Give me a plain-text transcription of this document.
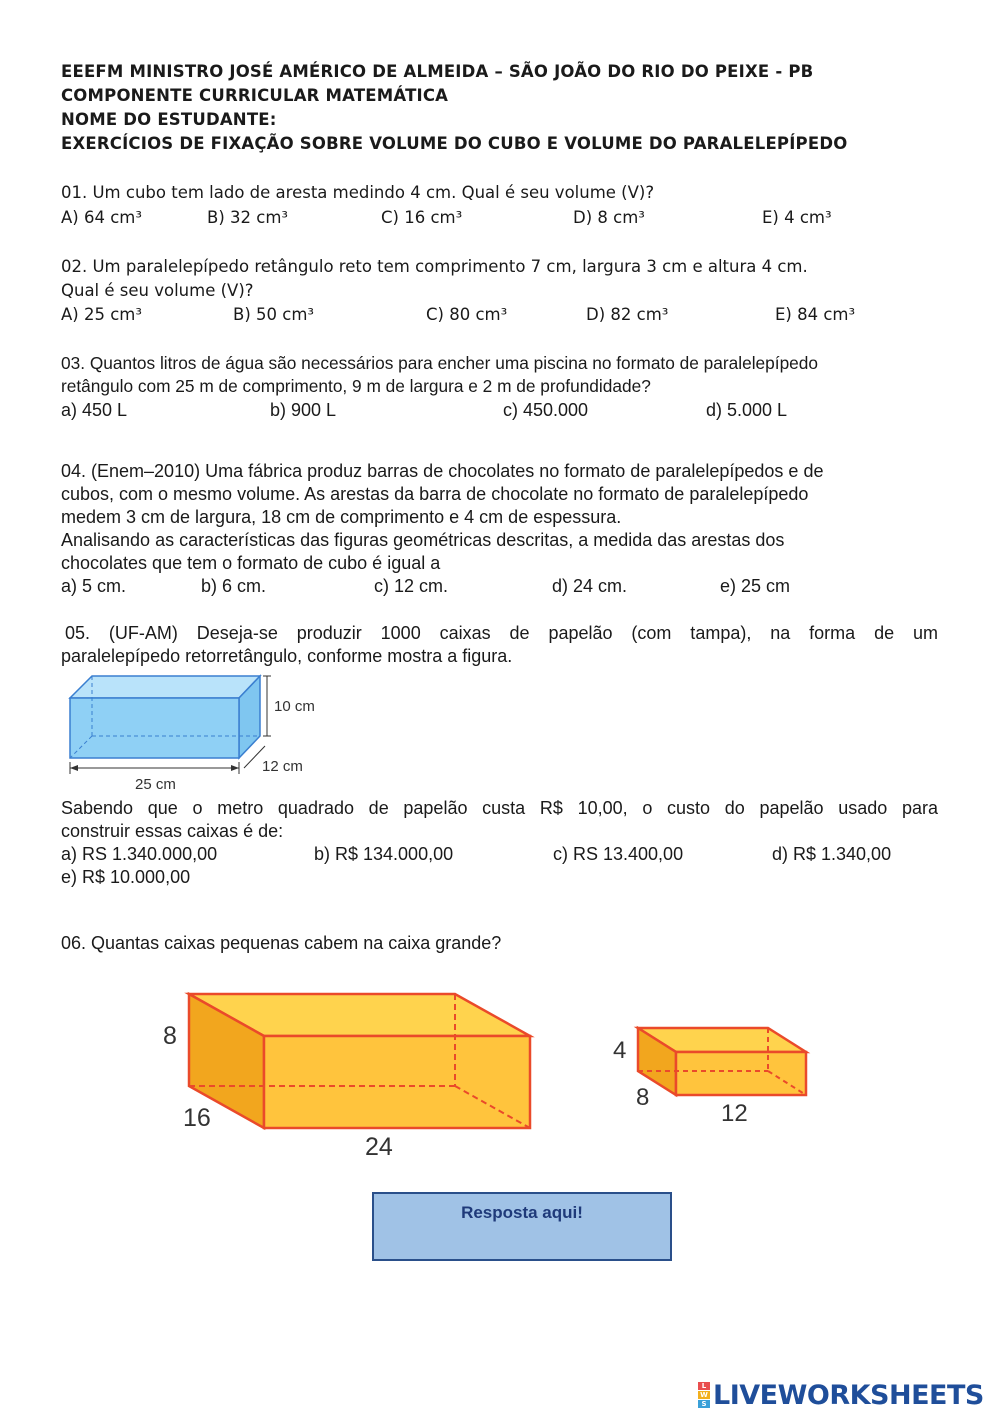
EEEFM MINISTRO JOSÉ AMÉRICO DE ALMEIDA – SÃO JOÃO DO RIO DO PEIXE - PB
COMPONENTE CURRICULAR MATEMÁTICA
NOME DO ESTUDANTE:
EXERCÍCIOS DE FIXAÇÃO SOBRE VOLUME DO CUBO E VOLUME DO PARALELEPÍPEDO
01. Um cubo tem lado de aresta medindo 4 cm. Qual é seu volume (V)?
A) 64 cm³	B) 32 cm³	C) 16 cm³	D) 8 cm³	E) 4 cm³
02. Um paralelepípedo retângulo reto tem comprimento 7 cm, largura 3 cm e altura 4 cm.
Qual é seu volume (V)?
A) 25 cm³	B) 50 cm³	C) 80 cm³	D) 82 cm³	E) 84 cm³
03. Quantos litros de água são necessários para encher uma piscina no formato de paralelepípedo
retângulo com 25 m de comprimento, 9 m de largura e 2 m de profundidade?
a) 450 L	b) 900 L	c) 450.000	d) 5.000 L
04. (Enem–2010) Uma fábrica produz barras de chocolates no formato de paralelepípedos e de
cubos, com o mesmo volume. As arestas da barra de chocolate no formato de paralelepípedo
medem 3 cm de largura, 18 cm de comprimento e 4 cm de espessura.
Analisando as características das figuras geométricas descritas, a medida das arestas dos
chocolates que tem o formato de cubo é igual a
a) 5 cm.	b) 6 cm.	c) 12 cm.	d) 24 cm.	e) 25 cm
05. (UF-AM) Deseja-se produzir 1000 caixas de papelão (com tampa), na forma de um
paralelepípedo retorretângulo, conforme mostra a figura.
10 cm
12 cm
25 cm
Sabendo que o metro quadrado de papelão custa R$ 10,00, o custo do papelão usado para
construir essas caixas é de:
a) RS 1.340.000,00	b) R$ 134.000,00	c) RS 13.400,00	d) R$ 1.340,00
e) R$ 10.000,00
06. Quantas caixas pequenas cabem na caixa grande?
8
16
24
4
8
12
Resposta aqui!
L
W
S LIVEWORKSHEETS
